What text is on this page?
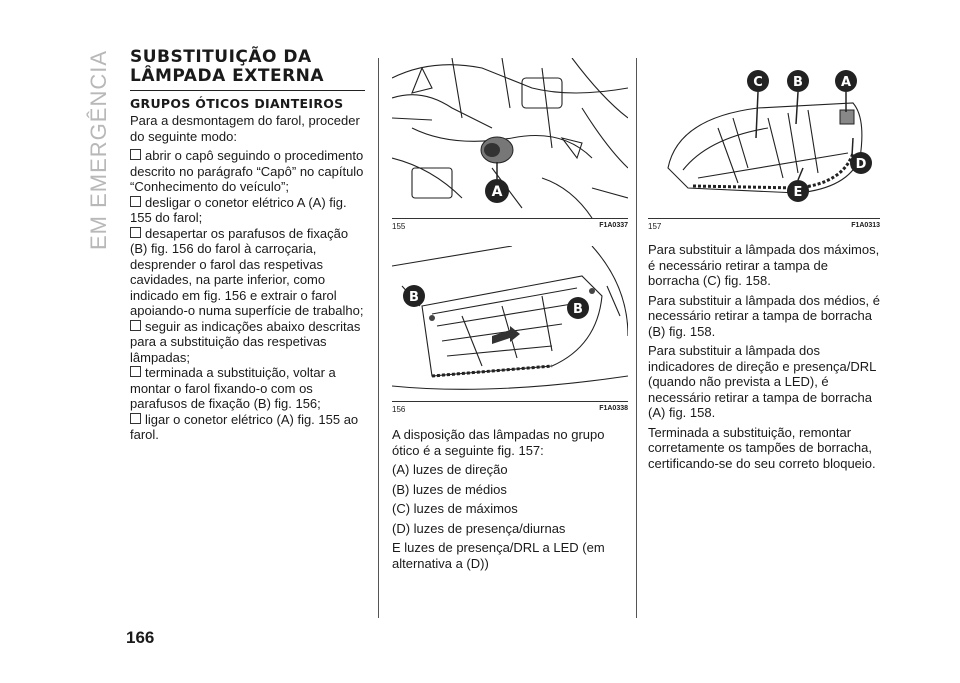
EM EMERGÊNCIA
166
SUBSTITUIÇÃO DA LÂMPADA EXTERNA
GRUPOS ÓTICOS DIANTEIROS

Para a desmontagem do farol, proceder do seguinte modo:

abrir o capô seguindo o procedimento descrito no parágrafo “Capô” no capítulo “Conhecimento do veículo”;

desligar o conetor elétrico A (A) fig. 155 do farol;

desapertar os parafusos de fixação (B) fig. 156 do farol à carroçaria, desprender o farol das respetivas cavidades, na parte inferior, como indicado em fig. 156 e extrair o farol apoiando-o numa superfície de trabalho;

seguir as indicações abaixo descritas para a substituição das respetivas lâmpadas;

terminada a substituição, voltar a montar o farol fixando-o com os parafusos de fixação (B) fig. 156;

ligar o conetor elétrico (A) fig. 155 ao farol.

A
155	F1A0337
B
B
156	F1A0338

A disposição das lâmpadas no grupo ótico é a seguinte fig. 157:

(A) luzes de direção

(B) luzes de médios

(C) luzes de máximos

(D) luzes de presença/diurnas

E luzes de presença/DRL a LED (em alternativa a (D))

C B	A
D
E
157	F1A0313

Para substituir a lâmpada dos máximos, é necessário retirar a tampa de borracha (C) fig. 158.

Para substituir a lâmpada dos médios, é necessário retirar a tampa de borracha (B) fig. 158.

Para substituir a lâmpada dos indicadores de direção e presença/DRL (quando não prevista a LED), é necessário retirar a tampa de borracha (A) fig. 158.

Terminada a substituição, remontar corretamente os tampões de borracha, certificando-se do seu correto bloqueio.
